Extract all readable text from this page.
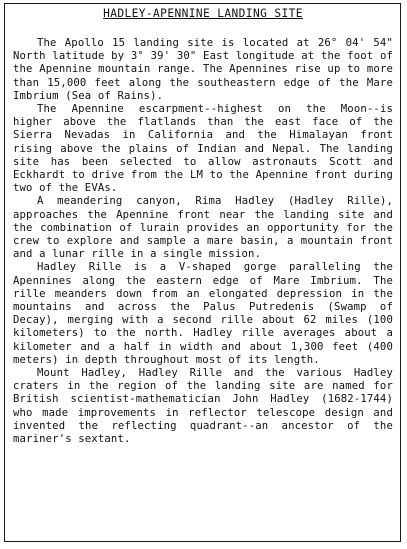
HADLEY-APENNINE LANDING SITE

The Apollo 15 landing site is located at 26° 04' 54" North latitude by 3° 39' 30" East longitude at the foot of the Apennine mountain range. The Apennines rise up to more than 15,000 feet along the southeastern edge of the Mare Imbrium (Sea of Rains).

The Apennine escarpment--highest on the Moon--is higher above the flatlands than the east face of the Sierra Nevadas in California and the Himalayan front rising above the plains of Indian and Nepal. The landing site has been selected to allow astronauts Scott and Eckhardt to drive from the LM to the Apennine front during two of the EVAs.

A meandering canyon, Rima Hadley (Hadley Rille), approaches the Apennine front near the landing site and the combination of lurain provides an opportunity for the crew to explore and sample a mare basin, a mountain front and a lunar rille in a single mission.

Hadley Rille is a V-shaped gorge paralleling the Apennines along the eastern edge of Mare Imbrium. The rille meanders down from an elongated depression in the mountains and across the Palus Putredenis (Swamp of Decay), merging with a second rille about 62 miles (100 kilometers) to the north. Hadley rille averages about a kilometer and a half in width and about 1,300 feet (400 meters) in depth throughout most of its length.

Mount Hadley, Hadley Rille and the various Hadley craters in the region of the landing site are named for British scientist-mathematician John Hadley (1682-1744) who made improvements in reflector telescope design and invented the reflecting quadrant--an ancestor of the mariner's sextant.
